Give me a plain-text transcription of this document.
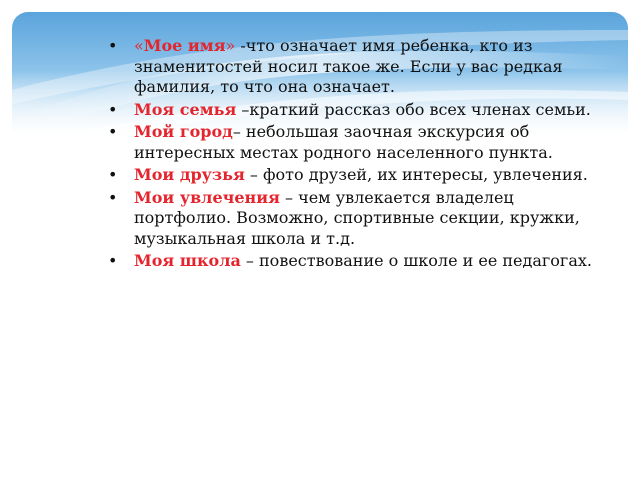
• «Мое имя» -что означает имя ребенка, кто из знаменитостей носил такое же. Если у вас редкая фамилия, то что она означает.
• Моя семья –краткий рассказ обо всех членах семьи.
• Мой город– небольшая заочная экскурсия об интересных местах родного населенного пункта.
• Мои друзья – фото друзей, их интересы, увлечения.
• Мои увлечения – чем увлекается владелец портфолио. Возможно, спортивные секции, кружки, музыкальная школа и т.д.
• Моя школа – повествование о школе и ее педагогах.
